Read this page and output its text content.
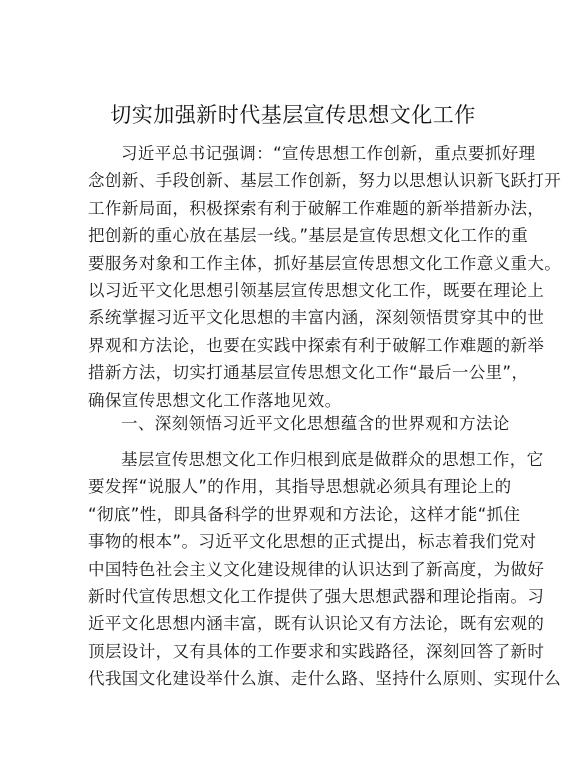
切实加强新时代基层宣传思想文化工作
习近平总书记强调：“宣传思想工作创新，重点要抓好理
念创新、手段创新、基层工作创新，努力以思想认识新飞跃打开
工作新局面，积极探索有利于破解工作难题的新举措新办法，
把创新的重心放在基层一线。”基层是宣传思想文化工作的重
要服务对象和工作主体，抓好基层宣传思想文化工作意义重大。
以习近平文化思想引领基层宣传思想文化工作，既要在理论上
系统掌握习近平文化思想的丰富内涵，深刻领悟贯穿其中的世
界观和方法论，也要在实践中探索有利于破解工作难题的新举
措新方法，切实打通基层宣传思想文化工作“最后一公里”，
确保宣传思想文化工作落地见效。
一、深刻领悟习近平文化思想蕴含的世界观和方法论
基层宣传思想文化工作归根到底是做群众的思想工作，它
要发挥“说服人”的作用，其指导思想就必须具有理论上的
“彻底”性，即具备科学的世界观和方法论，这样才能“抓住
事物的根本”。习近平文化思想的正式提出，标志着我们党对
中国特色社会主义文化建设规律的认识达到了新高度，为做好
新时代宣传思想文化工作提供了强大思想武器和理论指南。习
近平文化思想内涵丰富，既有认识论又有方法论，既有宏观的
顶层设计，又有具体的工作要求和实践路径，深刻回答了新时
代我国文化建设举什么旗、走什么路、坚持什么原则、实现什么
